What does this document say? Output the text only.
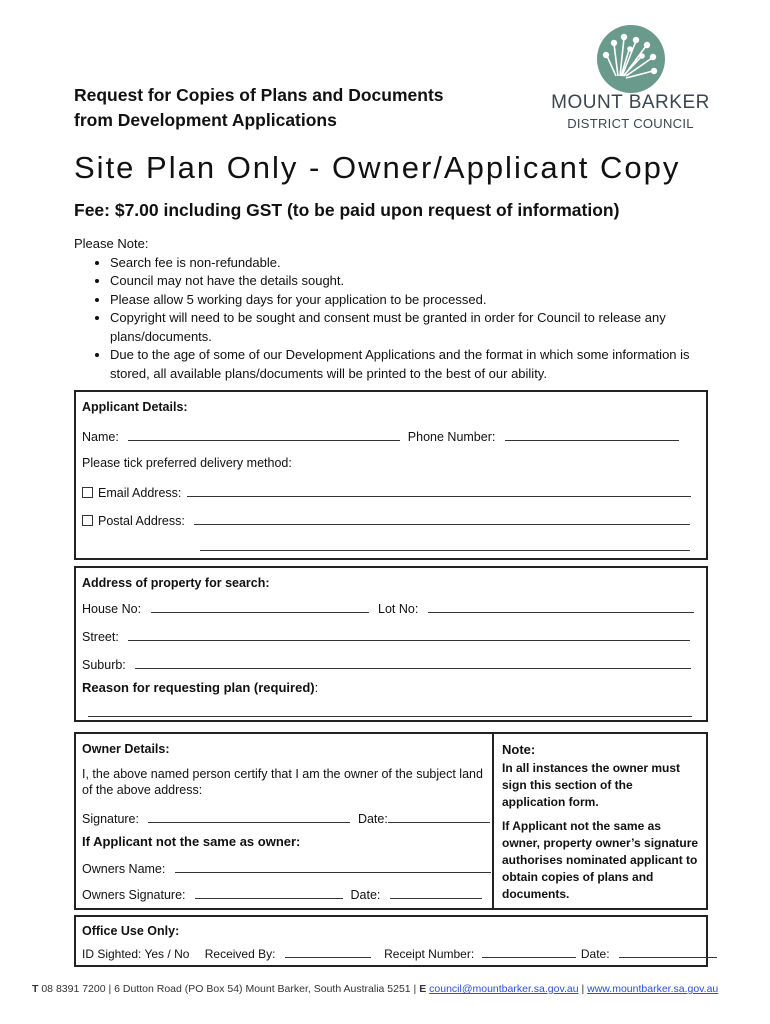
Request for Copies of Plans and Documents
from Development Applications
MOUNT BARKER
DISTRICT COUNCIL
Site Plan Only - Owner/Applicant Copy
Fee: $7.00 including GST (to be paid upon request of information)
Please Note:
• Search fee is non-refundable.
• Council may not have the details sought.
• Please allow 5 working days for your application to be processed.
• Copyright will need to be sought and consent must be granted in order for Council to release any plans/documents.
• Due to the age of some of our Development Applications and the format in which some information is stored, all available plans/documents will be printed to the best of our ability.
Applicant Details:
Name:	Phone Number:
Please tick preferred delivery method:
Email Address:
Postal Address:
Address of property for search:
House No:	Lot No:
Street:
Suburb:
Reason for requesting plan (required):
Owner Details:
I, the above named person certify that I am the owner of the subject land of the above address:
Signature:	Date:
If Applicant not the same as owner:
Owners Name:
Owners Signature:	Date:
Note:
In all instances the owner must sign this section of the application form.
If Applicant not the same as owner, property owner’s signature authorises nominated applicant to obtain copies of plans and documents.
Office Use Only:
ID Sighted: Yes / No Received By:	Receipt Number:	Date:
T 08 8391 7200 | 6 Dutton Road (PO Box 54) Mount Barker, South Australia 5251 | E council@mountbarker.sa.gov.au | www.mountbarker.sa.gov.au
